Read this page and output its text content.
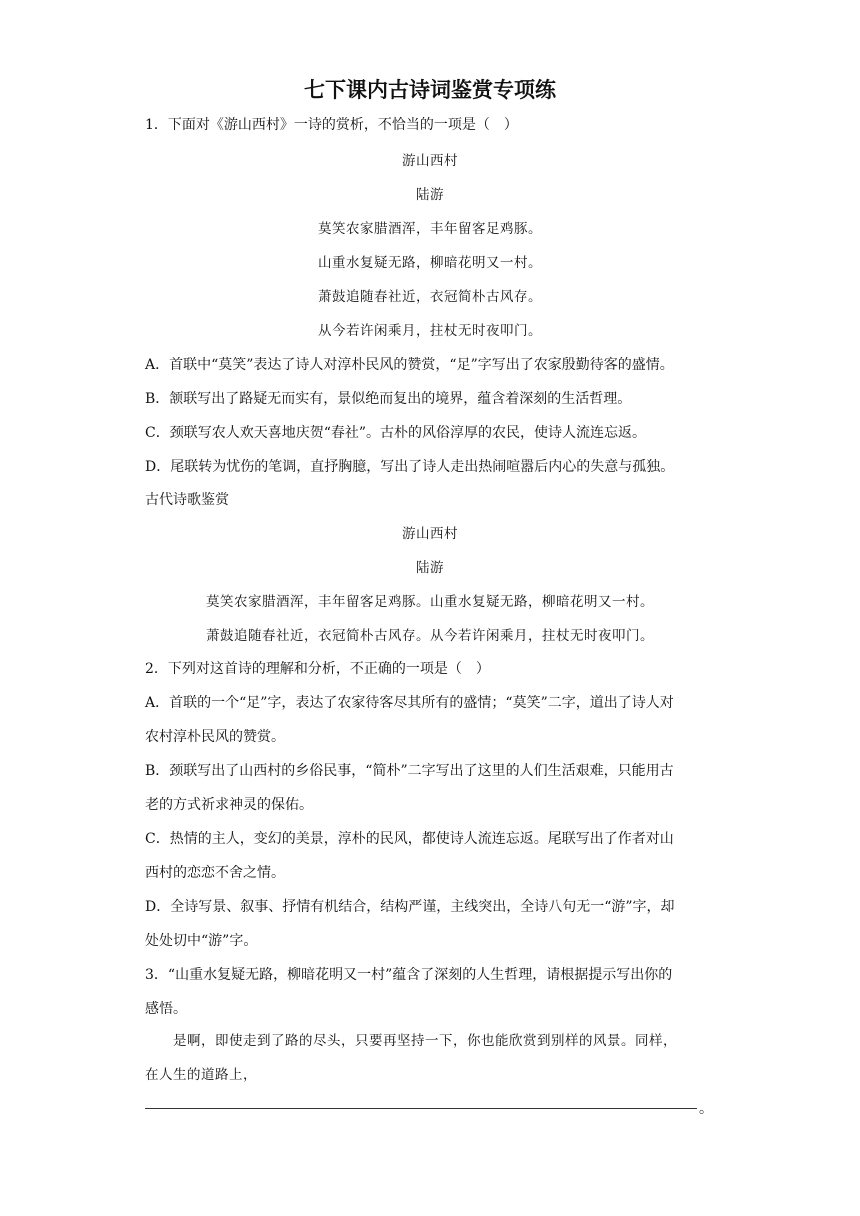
七下课内古诗词鉴赏专项练
1．下面对《游山西村》一诗的赏析，不恰当的一项是（　）
游山西村
陆游
莫笑农家腊酒浑，丰年留客足鸡豚。
山重水复疑无路，柳暗花明又一村。
萧鼓追随春社近，衣冠简朴古风存。
从今若许闲乘月，拄杖无时夜叩门。
A．首联中“莫笑”表达了诗人对淳朴民风的赞赏，“足”字写出了农家殷勤待客的盛情。
B．颔联写出了路疑无而实有，景似绝而复出的境界，蕴含着深刻的生活哲理。
C．颈联写农人欢天喜地庆贺“春社”。古朴的风俗淳厚的农民，使诗人流连忘返。
D．尾联转为忧伤的笔调，直抒胸臆，写出了诗人走出热闹喧嚣后内心的失意与孤独。
古代诗歌鉴赏
游山西村
陆游
莫笑农家腊酒浑，丰年留客足鸡豚。山重水复疑无路，柳暗花明又一村。
萧鼓追随春社近，衣冠简朴古风存。从今若许闲乘月，拄杖无时夜叩门。
2．下列对这首诗的理解和分析，不正确的一项是（　）
A．首联的一个“足”字，表达了农家待客尽其所有的盛情；“莫笑”二字，道出了诗人对
农村淳朴民风的赞赏。
B．颈联写出了山西村的乡俗民事，“简朴”二字写出了这里的人们生活艰难，只能用古
老的方式祈求神灵的保佑。
C．热情的主人，变幻的美景，淳朴的民风，都使诗人流连忘返。尾联写出了作者对山
西村的恋恋不舍之情。
D．全诗写景、叙事、抒情有机结合，结构严谨，主线突出，全诗八句无一“游”字，却
处处切中“游”字。
3．“山重水复疑无路，柳暗花明又一村”蕴含了深刻的人生哲理，请根据提示写出你的
感悟。
是啊，即使走到了路的尽头，只要再坚持一下，你也能欣赏到别样的风景。同样，
在人生的道路上，
。
